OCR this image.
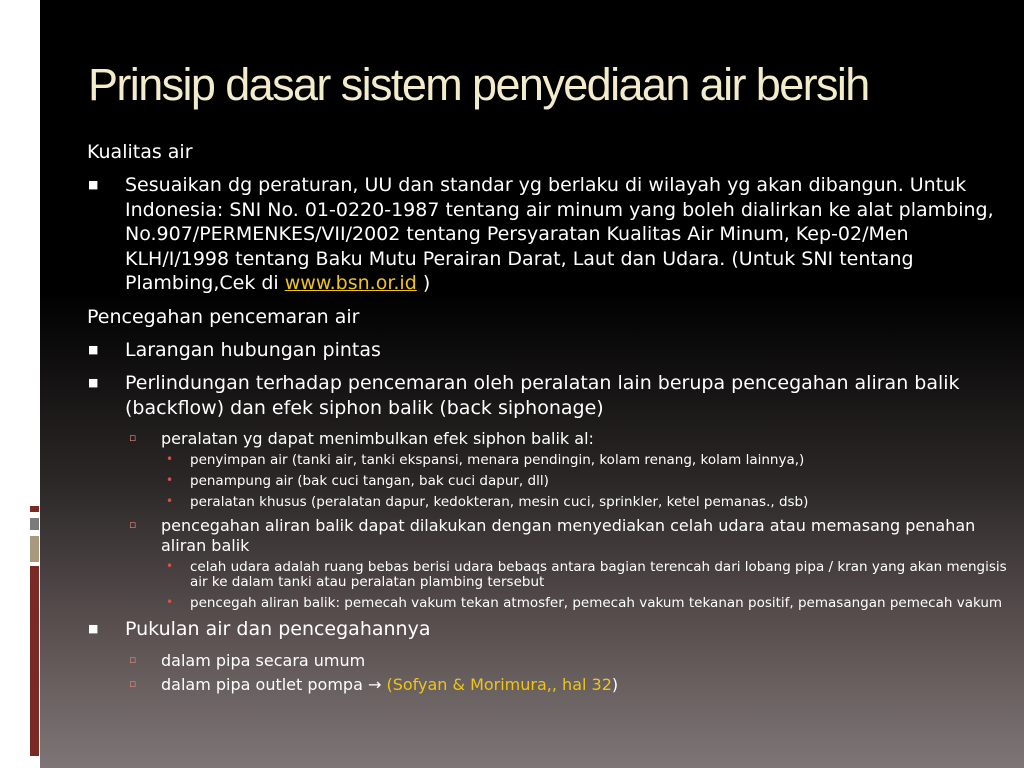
Prinsip dasar sistem penyediaan air bersih
Kualitas air
■ Sesuaikan dg peraturan, UU dan standar yg berlaku di wilayah yg akan dibangun. Untuk Indonesia: SNI No. 01-0220-1987 tentang air minum yang boleh dialirkan ke alat plambing, No.907/PERMENKES/VII/2002 tentang Persyaratan Kualitas Air Minum, Kep-02/Men KLH/I/1998 tentang Baku Mutu Perairan Darat, Laut dan Udara. (Untuk SNI tentang Plambing,Cek di www.bsn.or.id )
Pencegahan pencemaran air
■ Larangan hubungan pintas
■ Perlindungan terhadap pencemaran oleh peralatan lain berupa pencegahan aliran balik (backflow) dan efek siphon balik (back siphonage)
▫ peralatan yg dapat menimbulkan efek siphon balik al:
• penyimpan air (tanki air, tanki ekspansi, menara pendingin, kolam renang, kolam lainnya,)
• penampung air (bak cuci tangan, bak cuci dapur, dll)
• peralatan khusus (peralatan dapur, kedokteran, mesin cuci, sprinkler, ketel pemanas., dsb)
▫ pencegahan aliran balik dapat dilakukan dengan menyediakan celah udara atau memasang penahan aliran balik
• celah udara adalah ruang bebas berisi udara bebaqs antara bagian terencah dari lobang pipa / kran yang akan mengisis air ke dalam tanki atau peralatan plambing tersebut
• pencegah aliran balik: pemecah vakum tekan atmosfer, pemecah vakum tekanan positif, pemasangan pemecah vakum
■ Pukulan air dan pencegahannya
▫ dalam pipa secara umum
▫ dalam pipa outlet pompa → (Sofyan & Morimura,, hal 32)
